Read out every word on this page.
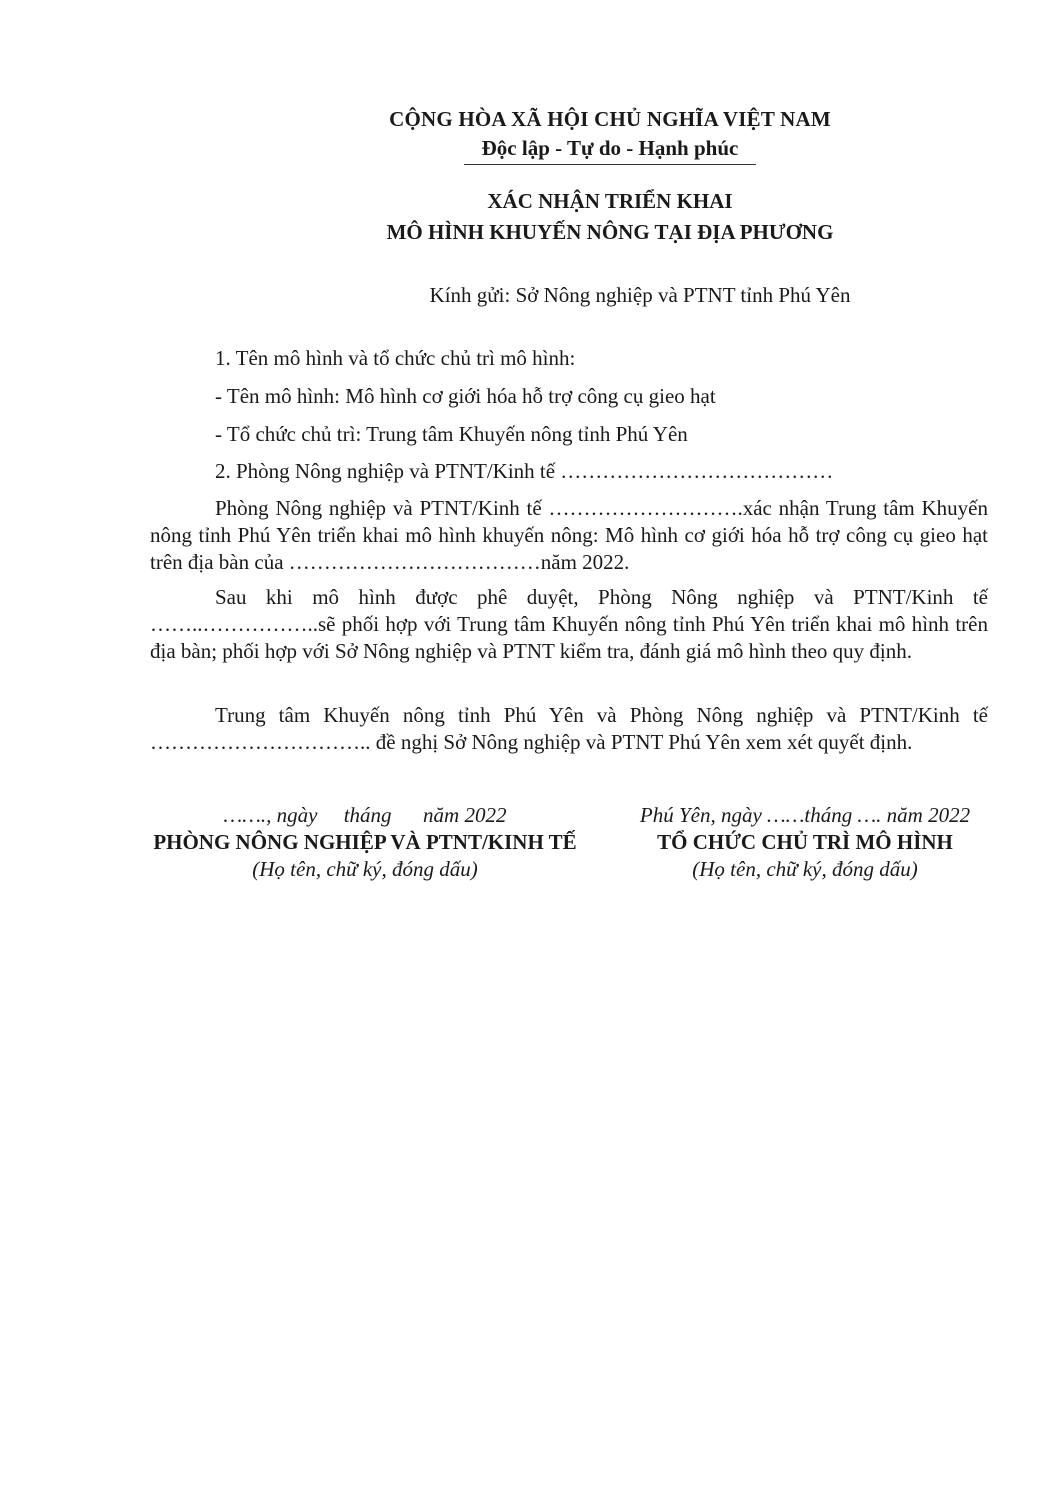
CỘNG HÒA XÃ HỘI CHỦ NGHĨA VIỆT NAM
Độc lập - Tự do - Hạnh phúc
XÁC NHẬN TRIỂN KHAI
MÔ HÌNH KHUYẾN NÔNG TẠI ĐỊA PHƯƠNG
Kính gửi: Sở Nông nghiệp và PTNT tỉnh Phú Yên
1. Tên mô hình và tổ chức chủ trì mô hình:
- Tên mô hình: Mô hình cơ giới hóa hỗ trợ công cụ gieo hạt
- Tổ chức chủ trì: Trung tâm Khuyến nông tỉnh Phú Yên
2. Phòng Nông nghiệp và PTNT/Kinh tế …………………………………
Phòng Nông nghiệp và PTNT/Kinh tế ……………………….xác nhận Trung tâm Khuyến nông tỉnh Phú Yên triển khai mô hình khuyến nông: Mô hình cơ giới hóa hỗ trợ công cụ gieo hạt trên địa bàn của ………………………………năm 2022.
Sau khi mô hình được phê duyệt, Phòng Nông nghiệp và PTNT/Kinh tế ……..……………..sẽ phối hợp với Trung tâm Khuyến nông tỉnh Phú Yên triển khai mô hình trên địa bàn; phối hợp với Sở Nông nghiệp và PTNT kiểm tra, đánh giá mô hình theo quy định.
Trung tâm Khuyến nông tỉnh Phú Yên và Phòng Nông nghiệp và PTNT/Kinh tế ………………………….. đề nghị Sở Nông nghiệp và PTNT Phú Yên xem xét quyết định.
……., ngày     tháng      năm 2022
PHÒNG NÔNG NGHIỆP VÀ PTNT/KINH TẾ
(Họ tên, chữ ký, đóng dấu)
Phú Yên, ngày ……tháng …. năm 2022
TỔ CHỨC CHỦ TRÌ MÔ HÌNH
(Họ tên, chữ ký, đóng dấu)
